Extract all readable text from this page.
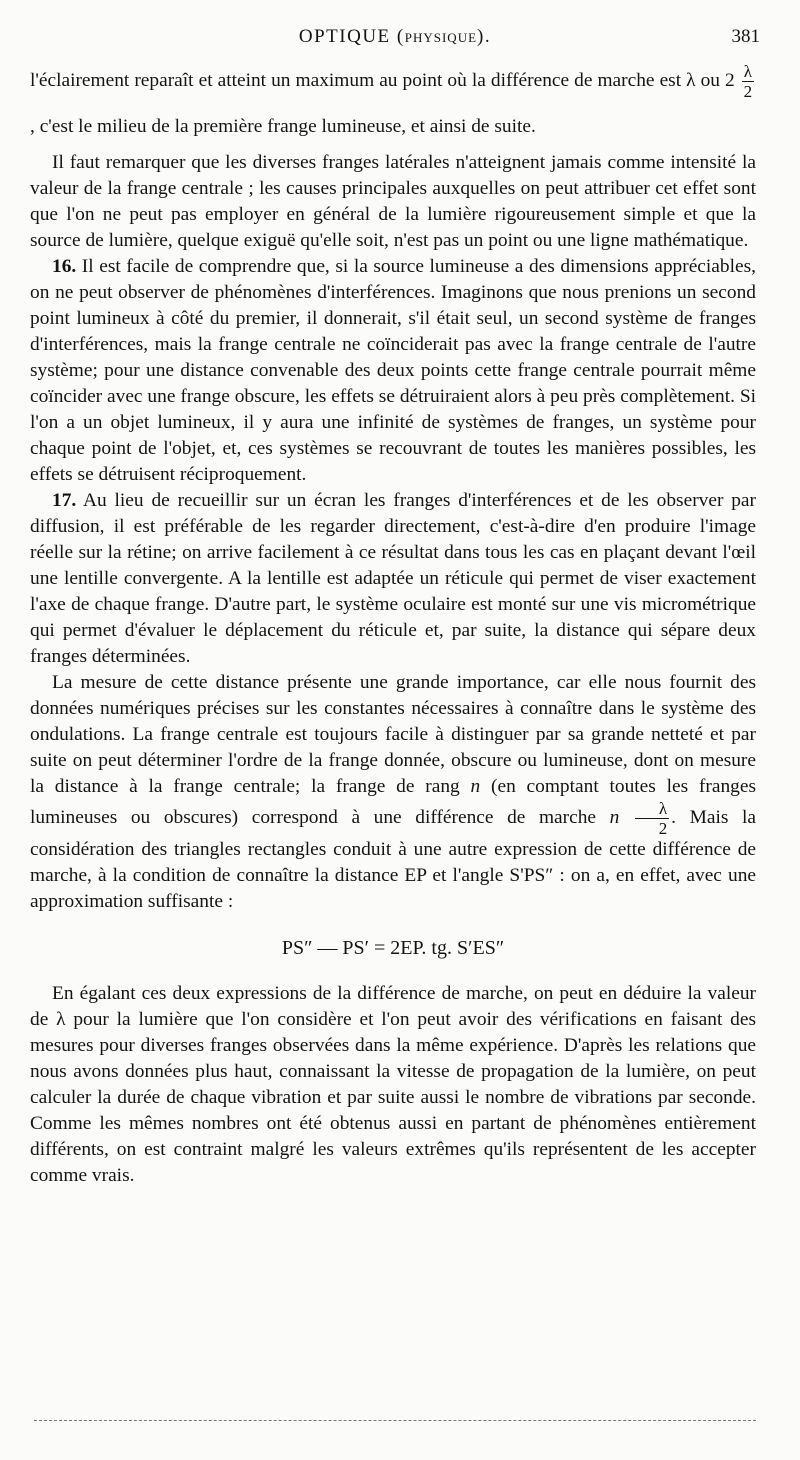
OPTIQUE (PHYSIQUE).	381

l'éclairement reparaît et atteint un maximum au point où la différence de marche est λ ou $2 \frac{\lambda}{2}$
, c'est le milieu de la première frange lumineuse, et ainsi de suite.

Il faut remarquer que les diverses franges latérales n'atteignent jamais comme intensité la valeur de la frange centrale ; les causes principales auxquelles on peut attribuer cet effet sont que l'on ne peut pas employer en général de la lumière rigoureusement simple et que la source de lumière, quelque exiguë qu'elle soit, n'est pas un point ou une ligne mathématique.

16. Il est facile de comprendre que, si la source lumineuse a des dimensions appréciables, on ne peut observer de phénomènes d'interférences. Imaginons que nous prenions un second point lumineux à côté du premier, il donnerait, s'il était seul, un second système de franges d'interférences, mais la frange centrale ne coïnciderait pas avec la frange centrale de l'autre système; pour une distance convenable des deux points cette frange centrale pourrait même coïncider avec une frange obscure, les effets se détruiraient alors à peu près complètement. Si l'on a un objet lumineux, il y aura une infinité de systèmes de franges, un système pour chaque point de l'objet, et, ces systèmes se recouvrant de toutes les manières possibles, les effets se détruisent réciproquement.

17. Au lieu de recueillir sur un écran les franges d'interférences et de les observer par diffusion, il est préférable de les regarder directement, c'est-à-dire d'en produire l'image réelle sur la rétine; on arrive facilement à ce résultat dans tous les cas en plaçant devant l'œil une lentille convergente. A la lentille est adaptée un réticule qui permet de viser exactement l'axe de chaque frange. D'autre part, le système oculaire est monté sur une vis micrométrique qui permet d'évaluer le déplacement du réticule et, par suite, la distance qui sépare deux franges déterminées.

La mesure de cette distance présente une grande importance, car elle nous fournit des données numériques précises sur les constantes nécessaires à connaître dans le système des ondulations. La frange centrale est toujours facile à distinguer par sa grande netteté et par suite on peut déterminer l'ordre de la frange donnée, obscure ou lumineuse, dont on mesure la distance à la frange centrale; la frange de rang n (en comptant toutes les franges lumineuses ou obscures) correspond à une différence de marche n $\frac{\lambda}{2}$ . Mais la considération des triangles rectangles conduit à une autre expression de cette différence de marche, à la condition de connaître la distance EP et l'angle S'PS″ : on a, en effet, avec une approximation suffisante :

PS″ — PS′ = 2EP. tg. S′ES″

En égalant ces deux expressions de la différence de marche, on peut en déduire la valeur de λ pour la lumière que l'on considère et l'on peut avoir des vérifications en faisant des mesures pour diverses franges observées dans la même expérience. D'après les relations que nous avons données plus haut, connaissant la vitesse de propagation de la lumière, on peut calculer la durée de chaque vibration et par suite aussi le nombre de vibrations par seconde. Comme les mêmes nombres ont été obtenus aussi en partant de phénomènes entièrement différents, on est contraint malgré les valeurs extrêmes qu'ils représentent de les accepter comme vrais.
